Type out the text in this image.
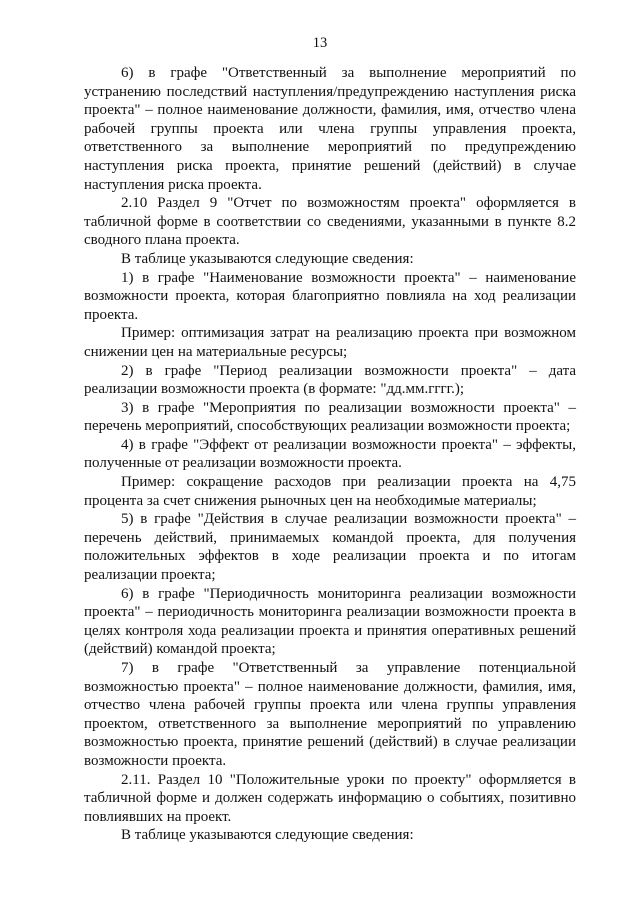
13

6) в графе "Ответственный за выполнение мероприятий по устранению последствий наступления/предупреждению наступления риска проекта" – полное наименование должности, фамилия, имя, отчество члена рабочей группы проекта или члена группы управления проекта, ответственного за выполнение мероприятий по предупреждению наступления риска проекта, принятие решений (действий) в случае наступления риска проекта.

2.10 Раздел 9 "Отчет по возможностям проекта" оформляется в табличной форме в соответствии со сведениями, указанными в пункте 8.2 сводного плана проекта.

В таблице указываются следующие сведения:

1) в графе "Наименование возможности проекта" – наименование возможности проекта, которая благоприятно повлияла на ход реализации проекта.

Пример: оптимизация затрат на реализацию проекта при возможном снижении цен на материальные ресурсы;

2) в графе "Период реализации возможности проекта" – дата реализации возможности проекта (в формате: "дд.мм.гггг.);

3) в графе "Мероприятия по реализации возможности проекта" – перечень мероприятий, способствующих реализации возможности проекта;

4) в графе "Эффект от реализации возможности проекта" – эффекты, полученные от реализации возможности проекта.

Пример: сокращение расходов при реализации проекта на 4,75 процента за счет снижения рыночных цен на необходимые материалы;

5) в графе "Действия в случае реализации возможности проекта" – перечень действий, принимаемых командой проекта, для получения положительных эффектов в ходе реализации проекта и по итогам реализации проекта;

6) в графе "Периодичность мониторинга реализации возможности проекта" – периодичность мониторинга реализации возможности проекта в целях контроля хода реализации проекта и принятия оперативных решений (действий) командой проекта;

7) в графе "Ответственный за управление потенциальной возможностью проекта" – полное наименование должности, фамилия, имя, отчество члена рабочей группы проекта или члена группы управления проектом, ответственного за выполнение мероприятий по управлению возможностью проекта, принятие решений (действий) в случае реализации возможности проекта.

2.11. Раздел 10 "Положительные уроки по проекту" оформляется в табличной форме и должен содержать информацию о событиях, позитивно повлиявших на проект.

В таблице указываются следующие сведения:
